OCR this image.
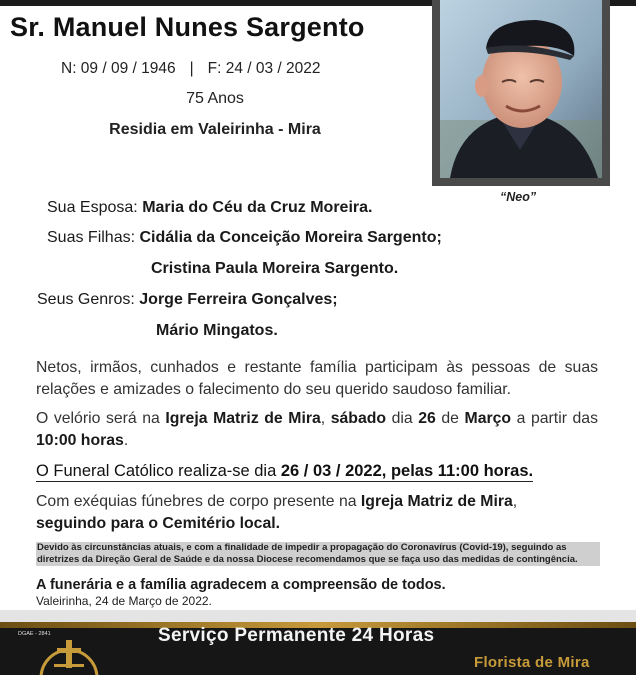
Sr. Manuel Nunes Sargento
N: 09 / 09 / 1946 | F: 24 / 03 / 2022
75 Anos
Residia em Valeirinha - Mira
“Neo”
Sua Esposa: Maria do Céu da Cruz Moreira.
Suas Filhas: Cidália da Conceição Moreira Sargento;
Cristina Paula Moreira Sargento.
Seus Genros: Jorge Ferreira Gonçalves;
Mário Mingatos.
Netos, irmãos, cunhados e restante família participam às pessoas de suas relações e amizades o falecimento do seu querido saudoso familiar.
O velório será na Igreja Matriz de Mira, sábado dia 26 de Março a partir das 10:00 horas.
O Funeral Católico realiza-se dia 26 / 03 / 2022, pelas 11:00 horas.
Com exéquias fúnebres de corpo presente na Igreja Matriz de Mira,
seguindo para o Cemitério local.
Devido às circunstâncias atuais, e com a finalidade de impedir a propagação do Coronavírus (Covid-19), seguindo as diretrizes da Direção Geral de Saúde e da nossa Diocese recomendamos que se faça uso das medidas de contingência.
A funerária e a família agradecem a compreensão de todos.
Valeirinha, 24 de Março de 2022.
DGAE - 2841	Serviço Permanente 24 Horas
Florista de Mira
